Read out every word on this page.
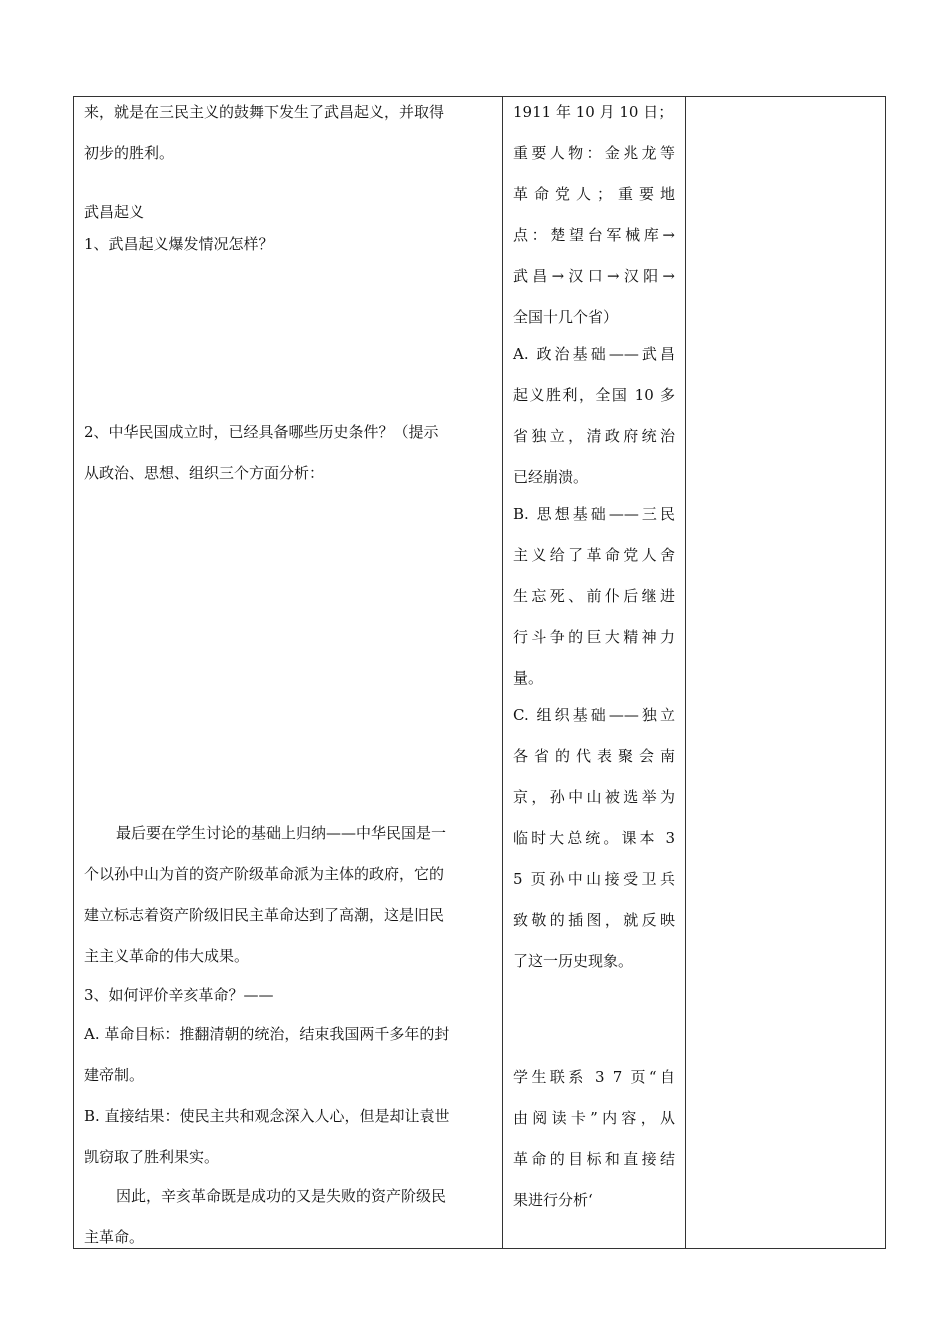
来，就是在三民主义的鼓舞下发生了武昌起义，并取得
初步的胜利。
武昌起义
1、武昌起义爆发情况怎样？
2、中华民国成立时，已经具备哪些历史条件？（提示
从政治、思想、组织三个方面分析：
最后要在学生讨论的基础上归纳——中华民国是一
个以孙中山为首的资产阶级革命派为主体的政府，它的
建立标志着资产阶级旧民主革命达到了高潮，这是旧民
主主义革命的伟大成果。
3、如何评价辛亥革命？——
A. 革命目标：推翻清朝的统治，结束我国两千多年的封
建帝制。
B. 直接结果：使民主共和观念深入人心，但是却让袁世
凯窃取了胜利果实。
因此，辛亥革命既是成功的又是失败的资产阶级民
主革命。
1911 年 10 月 10 日；
重要人物：金兆龙等
革命党人；重要地
点：楚望台军械库→
武昌→汉口→汉阳→
全国十几个省）
A. 政治基础——武昌
起义胜利，全国 10 多
省独立，清政府统治
已经崩溃。
B. 思想基础——三民
主义给了革命党人舍
生忘死、前仆后继进
行斗争的巨大精神力
量。
C. 组织基础——独立
各省的代表聚会南
京，孙中山被选举为
临时大总统。课本 3
5 页孙中山接受卫兵
致敬的插图，就反映
了这一历史现象。
学生联系 3 7 页“自
由阅读卡”内容，从
革命的目标和直接结
果进行分析‘
